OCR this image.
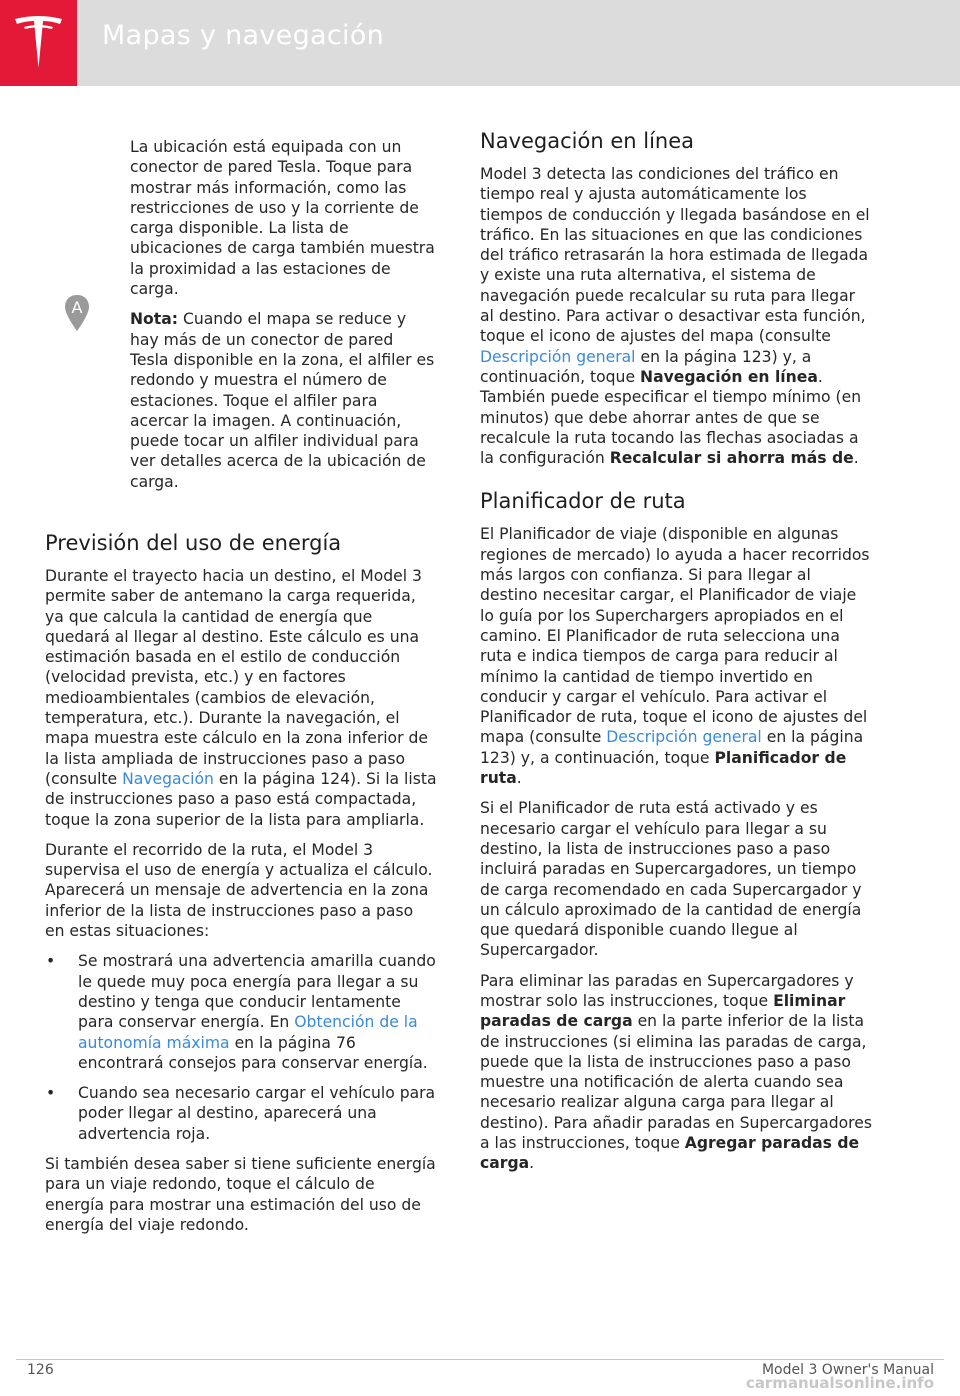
Mapas y navegación
A

La ubicación está equipada con un conector de pared Tesla. Toque para mostrar más información, como las restricciones de uso y la corriente de carga disponible. La lista de ubicaciones de carga también muestra la proximidad a las estaciones de carga.

Nota: Cuando el mapa se reduce y hay más de un conector de pared Tesla disponible en la zona, el alfiler es redondo y muestra el número de estaciones. Toque el alfiler para acercar la imagen. A continuación, puede tocar un alfiler individual para ver detalles acerca de la ubicación de carga.

Previsión del uso de energía

Durante el trayecto hacia un destino, el Model 3 permite saber de antemano la carga requerida, ya que calcula la cantidad de energía que quedará al llegar al destino. Este cálculo es una estimación basada en el estilo de conducción (velocidad prevista, etc.) y en factores medioambientales (cambios de elevación, temperatura, etc.). Durante la navegación, el mapa muestra este cálculo en la zona inferior de la lista ampliada de instrucciones paso a paso (consulte Navegación en la página 124). Si la lista de instrucciones paso a paso está compactada, toque la zona superior de la lista para ampliarla.

Durante el recorrido de la ruta, el Model 3 supervisa el uso de energía y actualiza el cálculo. Aparecerá un mensaje de advertencia en la zona inferior de la lista de instrucciones paso a paso en estas situaciones:

• Se mostrará una advertencia amarilla cuando le quede muy poca energía para llegar a su destino y tenga que conducir lentamente para conservar energía. En Obtención de la autonomía máxima en la página 76 encontrará consejos para conservar energía.
• Cuando sea necesario cargar el vehículo para poder llegar al destino, aparecerá una advertencia roja.

Si también desea saber si tiene suficiente energía para un viaje redondo, toque el cálculo de energía para mostrar una estimación del uso de energía del viaje redondo.

Navegación en línea

Model 3 detecta las condiciones del tráfico en tiempo real y ajusta automáticamente los tiempos de conducción y llegada basándose en el tráfico. En las situaciones en que las condiciones del tráfico retrasarán la hora estimada de llegada y existe una ruta alternativa, el sistema de navegación puede recalcular su ruta para llegar al destino. Para activar o desactivar esta función, toque el icono de ajustes del mapa (consulte Descripción general en la página 123) y, a continuación, toque Navegación en línea. También puede especificar el tiempo mínimo (en minutos) que debe ahorrar antes de que se recalcule la ruta tocando las flechas asociadas a la configuración Recalcular si ahorra más de.

Planificador de ruta

El Planificador de viaje (disponible en algunas regiones de mercado) lo ayuda a hacer recorridos más largos con confianza. Si para llegar al destino necesitar cargar, el Planificador de viaje lo guía por los Superchargers apropiados en el camino. El Planificador de ruta selecciona una ruta e indica tiempos de carga para reducir al mínimo la cantidad de tiempo invertido en conducir y cargar el vehículo. Para activar el Planificador de ruta, toque el icono de ajustes del mapa (consulte Descripción general en la página 123) y, a continuación, toque Planificador de ruta.

Si el Planificador de ruta está activado y es necesario cargar el vehículo para llegar a su destino, la lista de instrucciones paso a paso incluirá paradas en Supercargadores, un tiempo de carga recomendado en cada Supercargador y un cálculo aproximado de la cantidad de energía que quedará disponible cuando llegue al Supercargador.

Para eliminar las paradas en Supercargadores y mostrar solo las instrucciones, toque Eliminar paradas de carga en la parte inferior de la lista de instrucciones (si elimina las paradas de carga, puede que la lista de instrucciones paso a paso muestre una notificación de alerta cuando sea necesario realizar alguna carga para llegar al destino). Para añadir paradas en Supercargadores a las instrucciones, toque Agregar paradas de carga.

126	Model 3 Owner's Manual
carmanualsonline.info
